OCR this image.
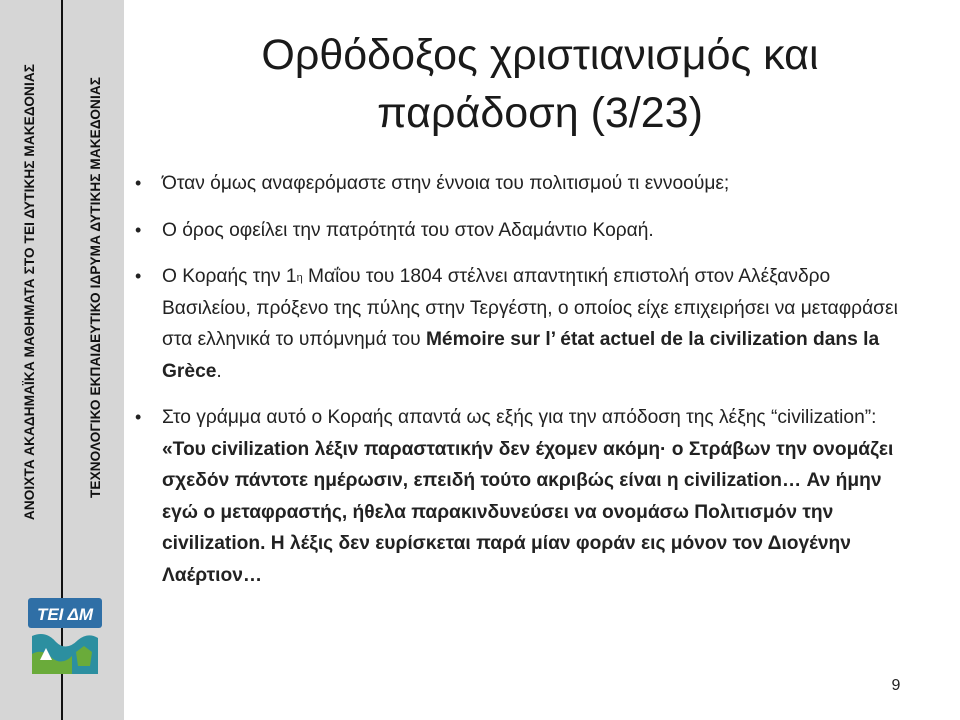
ΑΝΟΙΧΤΑ ΑΚΑΔΗΜΑΪΚΑ ΜΑΘΗΜΑΤΑ ΣΤΟ ΤΕΙ ΔΥΤΙΚΗΣ ΜΑΚΕΔΟΝΙΑΣ	ΤΕΧΝΟΛΟΓΙΚΟ ΕΚΠΑΙΔΕΥΤΙΚΟ ΙΔΡΥΜΑ ΔΥΤΙΚΗΣ ΜΑΚΕΔΟΝΙΑΣ
ΤΕΙ ΔΜ
Ορθόδοξος χριστιανισμός και
παράδοση (3/23)
• Όταν όμως αναφερόμαστε στην έννοια του πολιτισμού τι εννοούμε;
• Ο όρος οφείλει την πατρότητά του στον Αδαμάντιο Κοραή.
• Ο Κοραής την $1^\eta$ Μαΐου του 1804 στέλνει απαντητική επιστολή στον Αλέξανδρο Βασιλείου, πρόξενο της πύλης στην Τεργέστη, ο οποίος είχε επιχειρήσει να μεταφράσει στα ελληνικά το υπόμνημά του Mémoire sur l’ état actuel de la civilization dans la Grèce.
• Στο γράμμα αυτό ο Κοραής απαντά ως εξής για την απόδοση της λέξης “civilization”: «Του civilization λέξιν παραστατικήν δεν έχομεν ακόμη· ο Στράβων την ονομάζει σχεδόν πάντοτε ημέρωσιν, επειδή τούτο ακριβώς είναι η civilization… Αν ήμην εγώ ο μεταφραστής, ήθελα παρακινδυνεύσει να ονομάσω Πολιτισμόν την civilization. Η λέξις δεν ευρίσκεται παρά μίαν φοράν εις μόνον τον Διογένην Λαέρτιον…
9
